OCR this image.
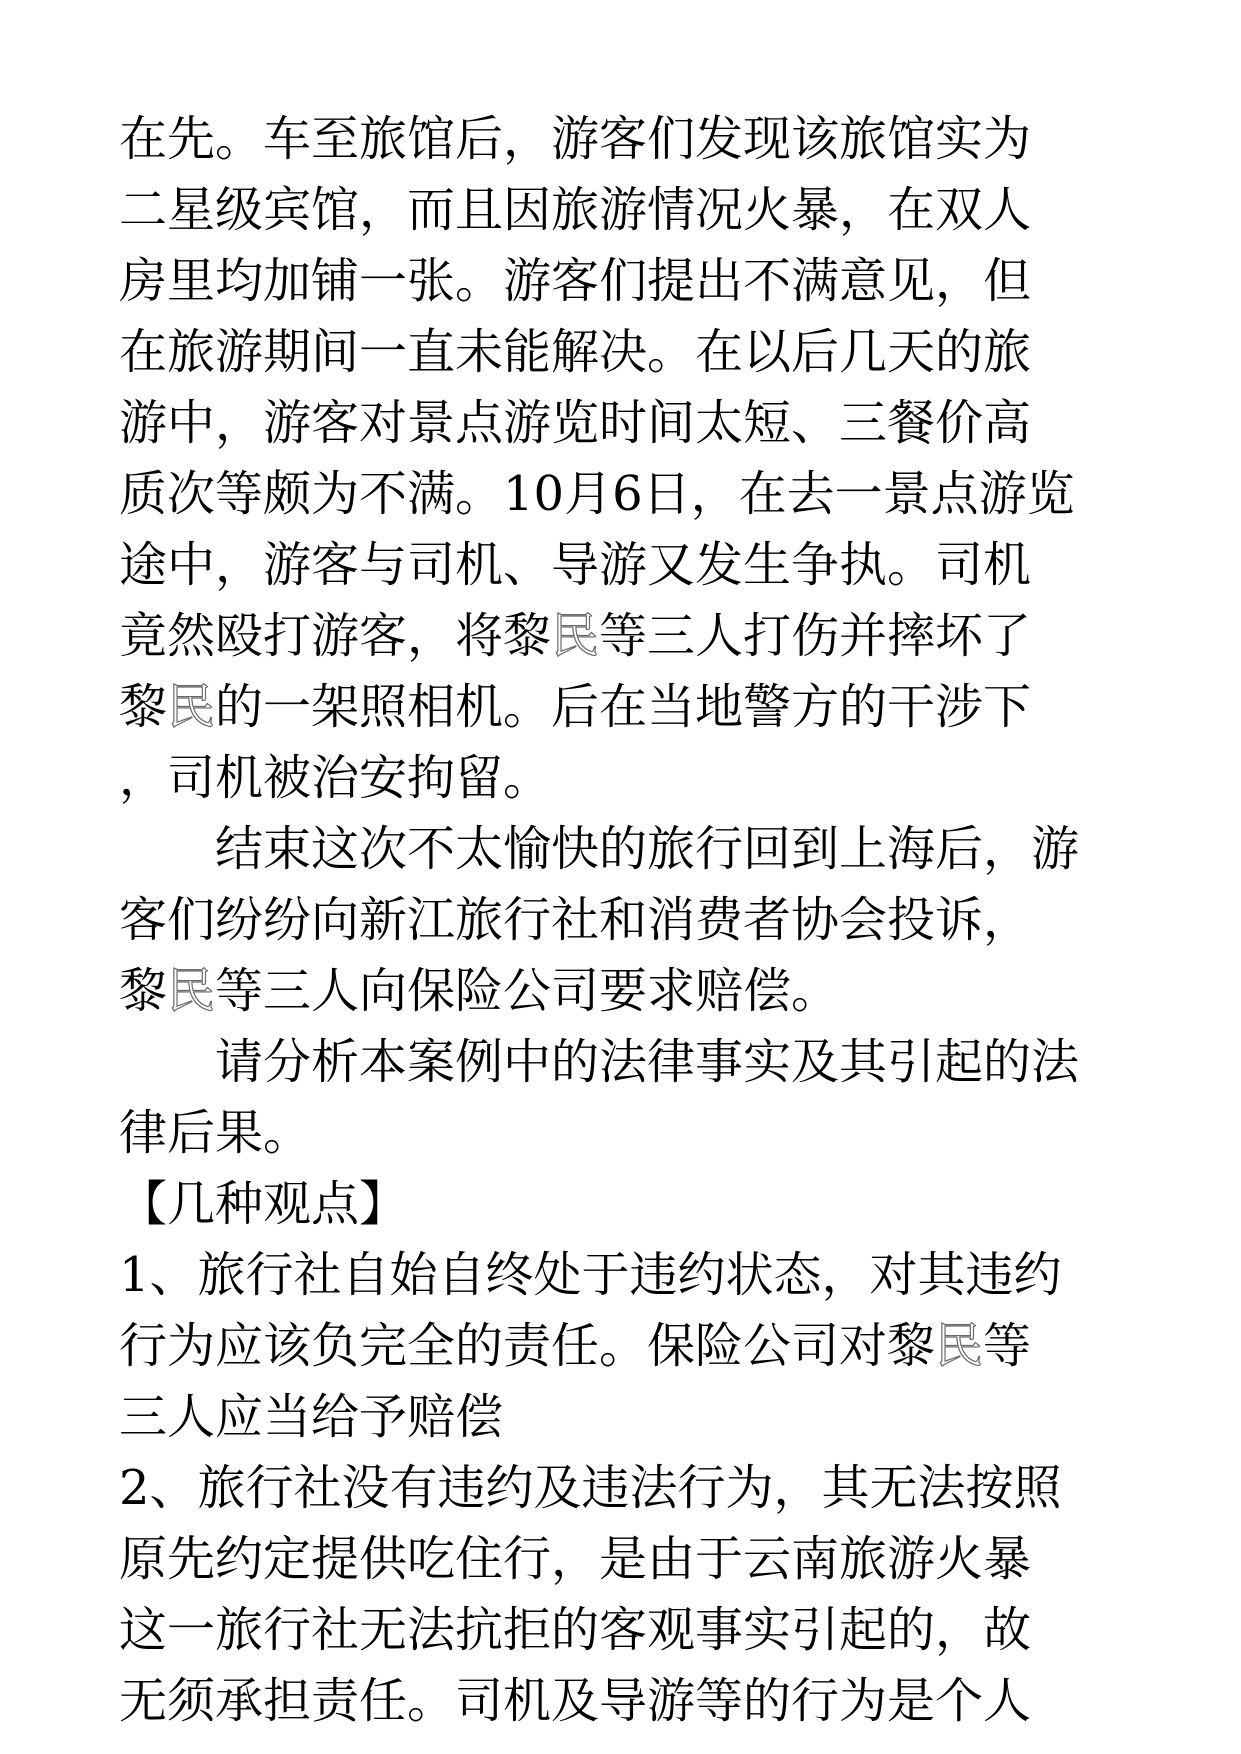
在先。车至旅馆后，游客们发现该旅馆实为
二星级宾馆，而且因旅游情况火暴，在双人
房里均加铺一张。游客们提出不满意见，但
在旅游期间一直未能解决。在以后几天的旅
游中，游客对景点游览时间太短、三餐价高
质次等颇为不满。10月6日，在去一景点游览
途中，游客与司机、导游又发生争执。司机
竟然殴打游客，将黎民等三人打伤并摔坏了
黎民的一架照相机。后在当地警方的干涉下
，司机被治安拘留。
结束这次不太愉快的旅行回到上海后，游
客们纷纷向新江旅行社和消费者协会投诉，
黎民等三人向保险公司要求赔偿。
请分析本案例中的法律事实及其引起的法
律后果。
【几种观点】
1、旅行社自始自终处于违约状态，对其违约
行为应该负完全的责任。保险公司对黎民等
三人应当给予赔偿
2、旅行社没有违约及违法行为，其无法按照
原先约定提供吃住行，是由于云南旅游火暴
这一旅行社无法抗拒的客观事实引起的，故
无须承担责任。司机及导游等的行为是个人
